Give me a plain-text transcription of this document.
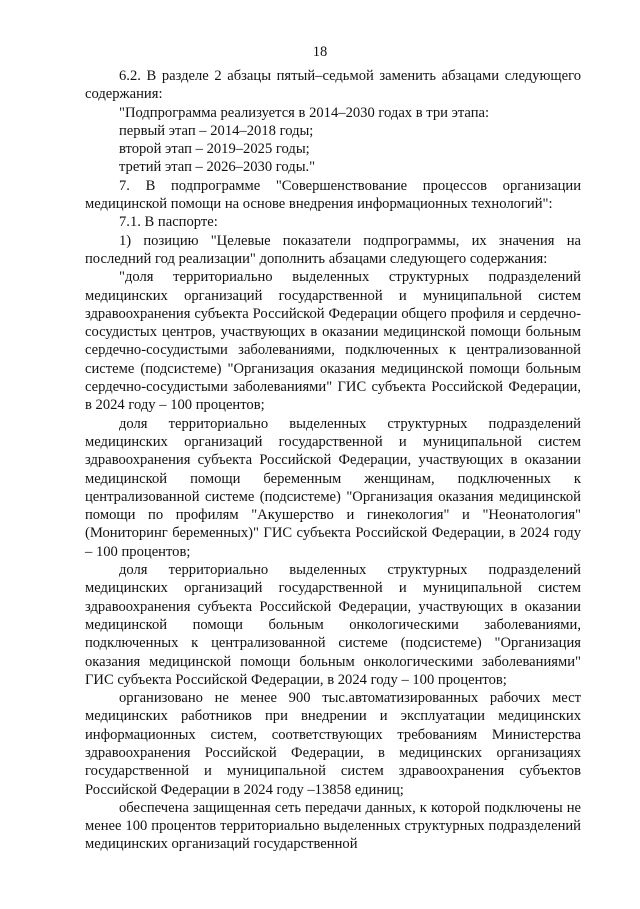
18

6.2. В разделе 2 абзацы пятый–седьмой заменить абзацами следующего содержания:

"Подпрограмма реализуется в 2014–2030 годах в три этапа:

первый этап – 2014–2018 годы;

второй этап – 2019–2025 годы;

третий этап – 2026–2030 годы."

7. В подпрограмме "Совершенствование процессов организации медицинской помощи на основе внедрения информационных технологий":

7.1. В паспорте:

1) позицию "Целевые показатели подпрограммы, их значения на последний год реализации" дополнить абзацами следующего содержания:

"доля территориально выделенных структурных подразделений медицинских организаций государственной и муниципальной систем здравоохранения субъекта Российской Федерации общего профиля и сердечно-сосудистых центров, участвующих в оказании медицинской помощи больным сердечно-сосудистыми заболеваниями, подключенных к централизованной системе (подсистеме) "Организация оказания медицинской помощи больным сердечно-сосудистыми заболеваниями" ГИС субъекта Российской Федерации, в 2024 году – 100 процентов;

доля территориально выделенных структурных подразделений медицинских организаций государственной и муниципальной систем здравоохранения субъекта Российской Федерации, участвующих в оказании медицинской помощи беременным женщинам, подключенных к централизованной системе (подсистеме) "Организация оказания медицинской помощи по профилям "Акушерство и гинекология" и "Неонатология" (Мониторинг беременных)" ГИС субъекта Российской Федерации, в 2024 году – 100 процентов;

доля территориально выделенных структурных подразделений медицинских организаций государственной и муниципальной систем здравоохранения субъекта Российской Федерации, участвующих в оказании медицинской помощи больным онкологическими заболеваниями, подключенных к централизованной системе (подсистеме) "Организация оказания медицинской помощи больным онкологическими заболеваниями" ГИС субъекта Российской Федерации, в 2024 году – 100 процентов;

организовано не менее 900 тыс.автоматизированных рабочих мест медицинских работников при внедрении и эксплуатации медицинских информационных систем, соответствующих требованиям Министерства здравоохранения Российской Федерации, в медицинских организациях государственной и муниципальной систем здравоохранения субъектов Российской Федерации в 2024 году –13858 единиц;

обеспечена защищенная сеть передачи данных, к которой подключены не менее 100 процентов территориально выделенных структурных подразделений медицинских организаций государственной
